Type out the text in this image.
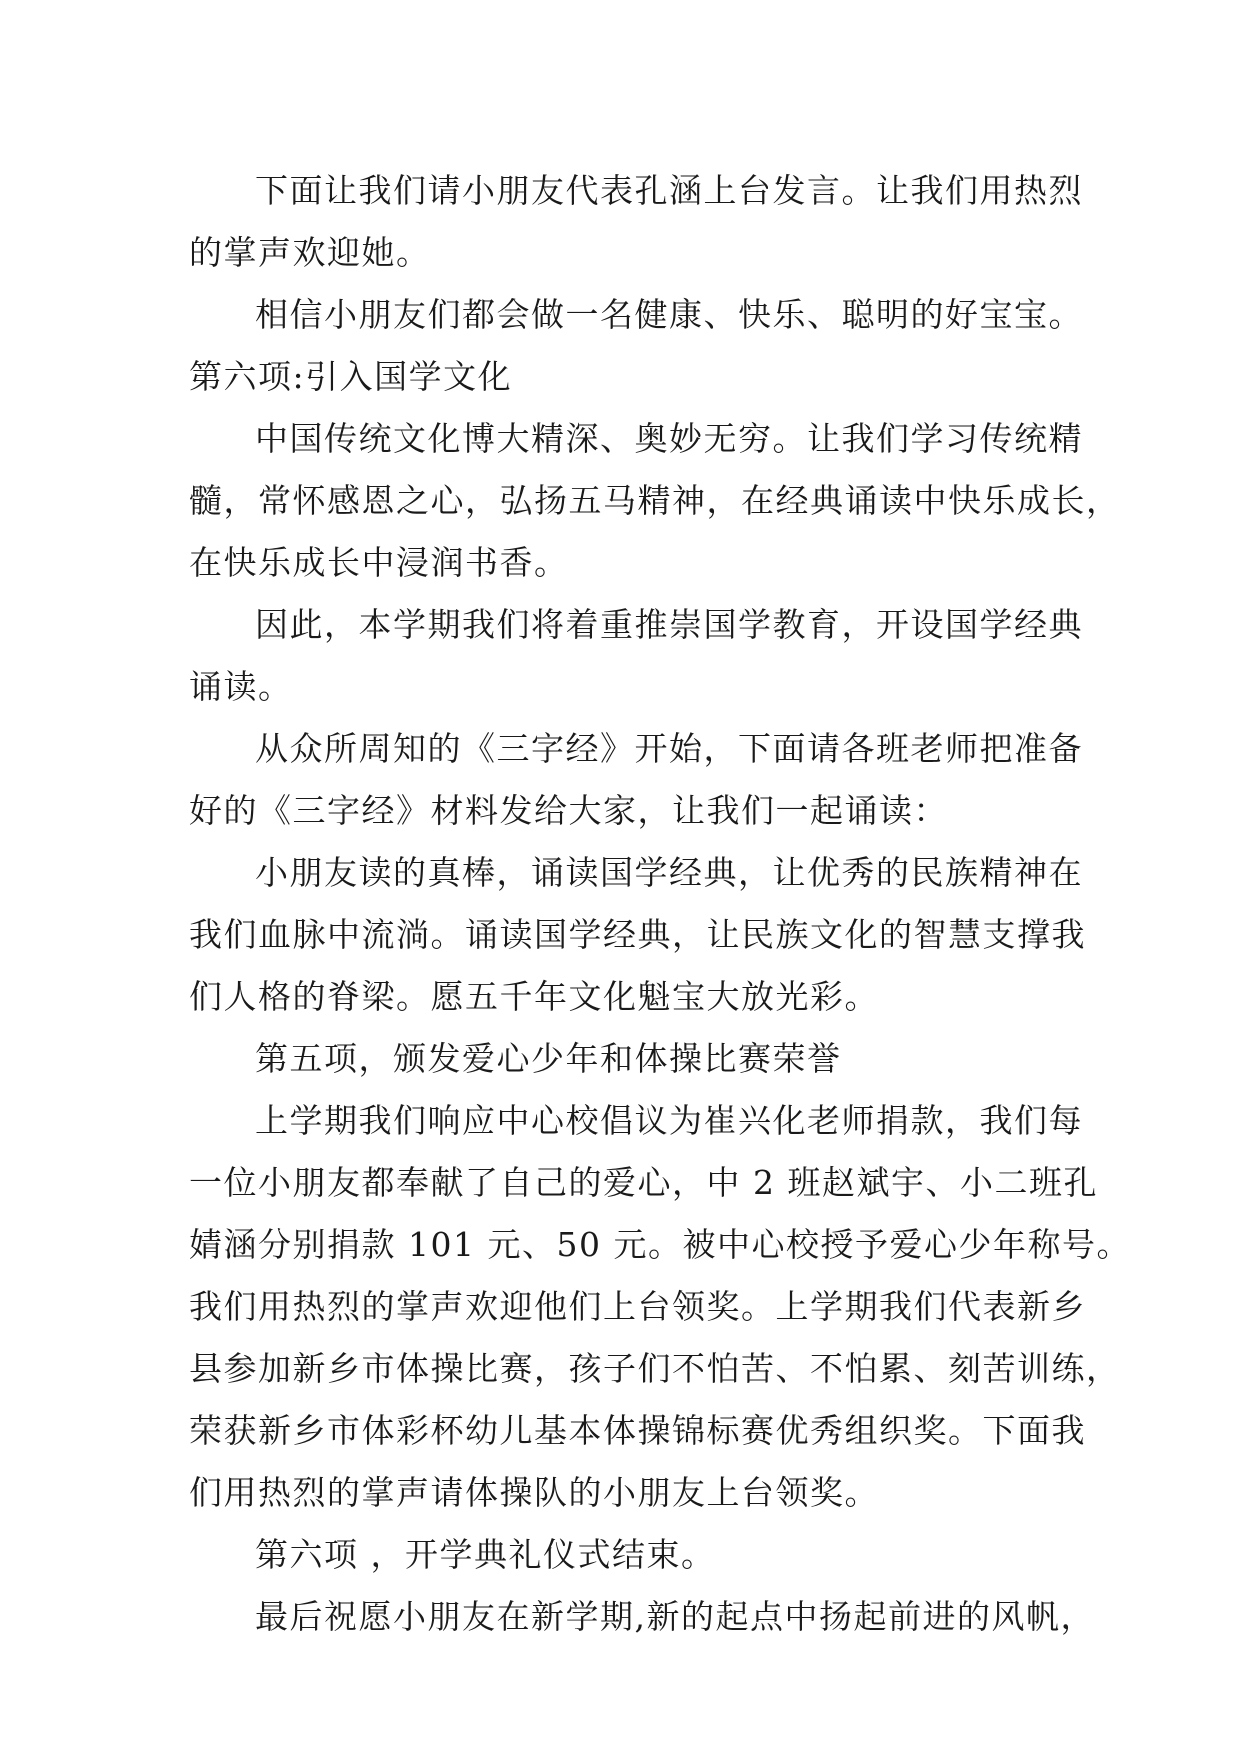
下面让我们请小朋友代表孔涵上台发言。让我们用热烈
的掌声欢迎她。
相信小朋友们都会做一名健康、快乐、聪明的好宝宝。
第六项:引入国学文化
中国传统文化博大精深、奥妙无穷。让我们学习传统精
髓，常怀感恩之心，弘扬五马精神，在经典诵读中快乐成长，
在快乐成长中浸润书香。
因此，本学期我们将着重推崇国学教育，开设国学经典
诵读。
从众所周知的《三字经》开始，下面请各班老师把准备
好的《三字经》材料发给大家，让我们一起诵读：
小朋友读的真棒，诵读国学经典，让优秀的民族精神在
我们血脉中流淌。诵读国学经典，让民族文化的智慧支撑我
们人格的脊梁。愿五千年文化魁宝大放光彩。
第五项，颁发爱心少年和体操比赛荣誉
上学期我们响应中心校倡议为崔兴化老师捐款，我们每
一位小朋友都奉献了自己的爱心，中 2 班赵斌宇、小二班孔
婧涵分别捐款 101 元、50 元。被中心校授予爱心少年称号。
我们用热烈的掌声欢迎他们上台领奖。上学期我们代表新乡
县参加新乡市体操比赛，孩子们不怕苦、不怕累、刻苦训练，
荣获新乡市体彩杯幼儿基本体操锦标赛优秀组织奖。下面我
们用热烈的掌声请体操队的小朋友上台领奖。
第六项 ，开学典礼仪式结束。
最后祝愿小朋友在新学期,新的起点中扬起前进的风帆，
